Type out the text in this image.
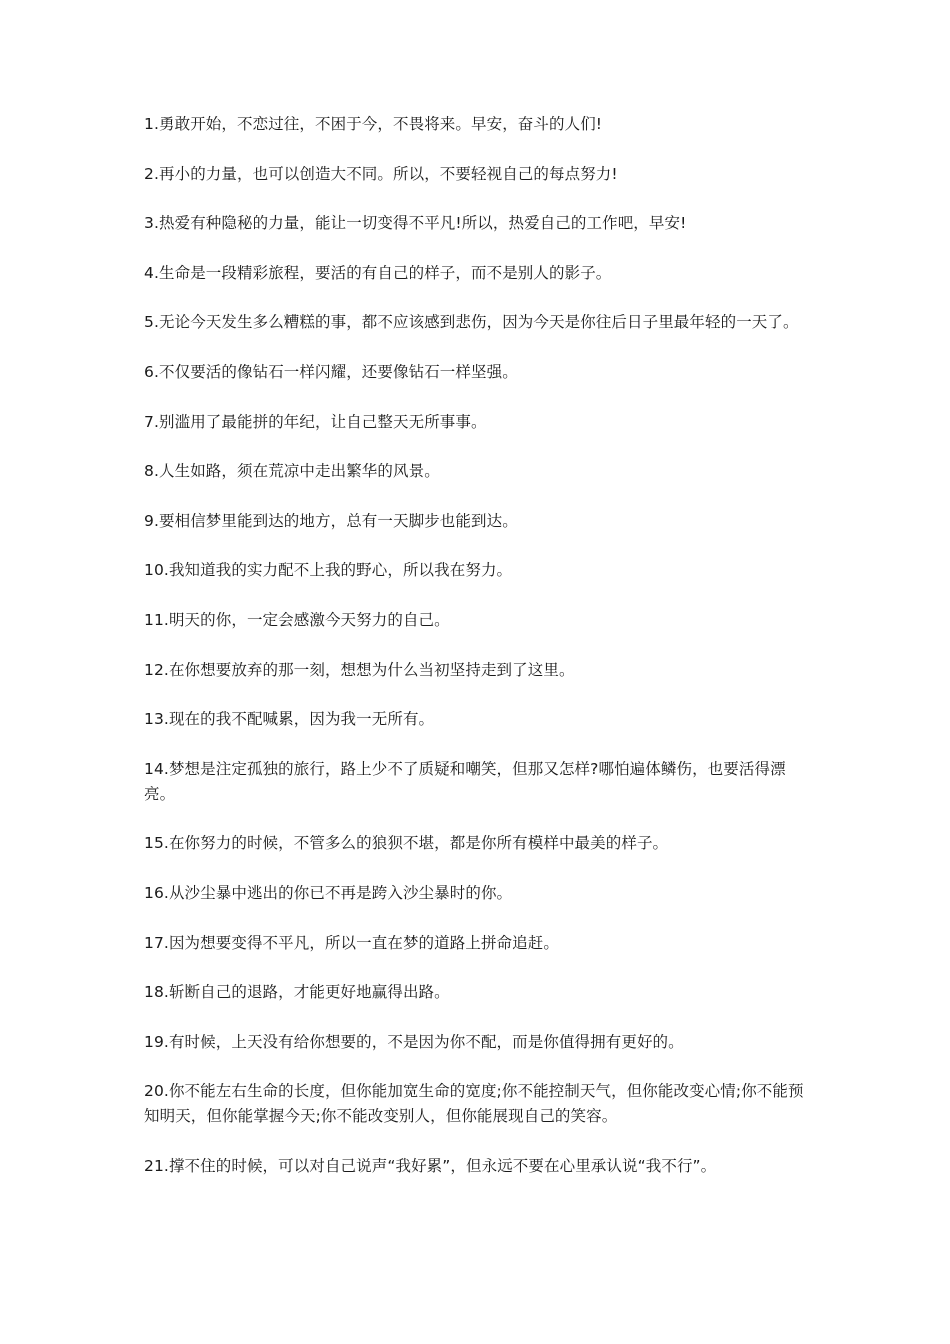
1.勇敢开始，不恋过往，不困于今，不畏将来。早安，奋斗的人们!
2.再小的力量，也可以创造大不同。所以，不要轻视自己的每点努力!
3.热爱有种隐秘的力量，能让一切变得不平凡!所以，热爱自己的工作吧，早安!
4.生命是一段精彩旅程，要活的有自己的样子，而不是别人的影子。
5.无论今天发生多么糟糕的事，都不应该感到悲伤，因为今天是你往后日子里最年轻的一天了。
6.不仅要活的像钻石一样闪耀，还要像钻石一样坚强。
7.别滥用了最能拼的年纪，让自己整天无所事事。
8.人生如路，须在荒凉中走出繁华的风景。
9.要相信梦里能到达的地方，总有一天脚步也能到达。
10.我知道我的实力配不上我的野心，所以我在努力。
11.明天的你，一定会感激今天努力的自己。
12.在你想要放弃的那一刻，想想为什么当初坚持走到了这里。
13.现在的我不配喊累，因为我一无所有。
14.梦想是注定孤独的旅行，路上少不了质疑和嘲笑，但那又怎样?哪怕遍体鳞伤，也要活得漂亮。
15.在你努力的时候，不管多么的狼狈不堪，都是你所有模样中最美的样子。
16.从沙尘暴中逃出的你已不再是跨入沙尘暴时的你。
17.因为想要变得不平凡，所以一直在梦的道路上拼命追赶。
18.斩断自己的退路，才能更好地赢得出路。
19.有时候，上天没有给你想要的，不是因为你不配，而是你值得拥有更好的。
20.你不能左右生命的长度，但你能加宽生命的宽度;你不能控制天气，但你能改变心情;你不能预知明天，但你能掌握今天;你不能改变别人，但你能展现自己的笑容。
21.撑不住的时候，可以对自己说声“我好累”，但永远不要在心里承认说“我不行”。
